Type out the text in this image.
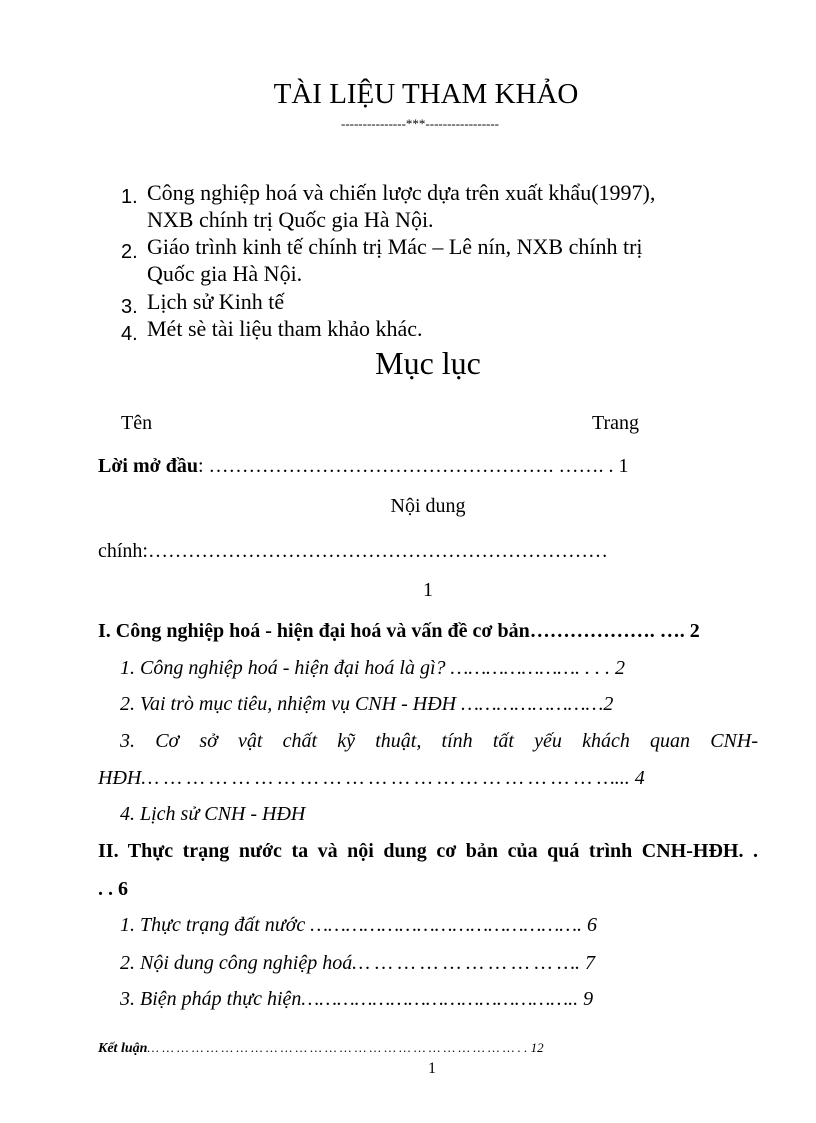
TÀI LIỆU THAM KHẢO
---------------***-----------------
1. Công nghiệp hoá và chiến lược dựa trên xuất khẩu(1997),
NXB chính trị Quốc gia Hà Nội.
2. Giáo trình kinh tế chính trị Mác – Lê nín, NXB chính trị
Quốc gia Hà Nội.
3. Lịch sử Kinh tế
4. Mét sè tài liệu tham khảo khác.
Mục lục
Tên	Trang
Lời mở đầu: ……………………………………………. ……. . 1
Nội dung
chính:……………………………………………………………
1
I. Công nghiệp hoá - hiện đại hoá và vấn đề cơ bản………………. …. 2
1. Công nghiệp hoá - hiện đại hoá là gì? …………………. . . . 2
2. Vai trò mục tiêu, nhiệm vụ CNH - HĐH ……………………2
3. Cơ sở vật chất kỹ thuật, tính tất yếu khách quan CNH-
HĐH… … … … … … … … … … … … … … … … … … … … …... 4
4. Lịch sử CNH - HĐH
II. Thực trạng nước ta và nội dung cơ bản của quá trình CNH-HĐH. .
. . 6
1. Thực trạng đất nước ………………………………………. 6
2. Nội dung công nghiệp hoá… … … … … … … … … …. 7
3. Biện pháp thực hiện……………………………………….. 9
Kết luận… … … … … … … … … … … … … … … … … … … … … … … … … . . 12
1
